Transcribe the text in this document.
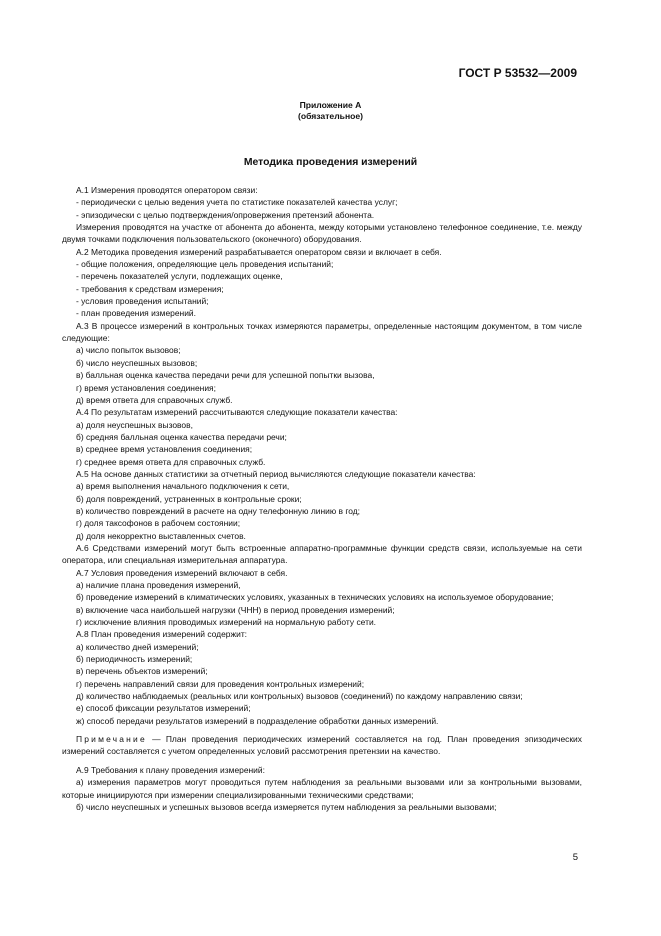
ГОСТ Р 53532—2009
Приложение А
(обязательное)
Методика проведения измерений

А.1 Измерения проводятся оператором связи:

- периодически с целью ведения учета по статистике показателей качества услуг;

- эпизодически с целью подтверждения/опровержения претензий абонента.

Измерения проводятся на участке от абонента до абонента, между которыми установлено телефонное соединение, т.е. между двумя точками подключения пользовательского (оконечного) оборудования.

А.2 Методика проведения измерений разрабатывается оператором связи и включает в себя.

- общие положения, определяющие цель проведения испытаний;

- перечень показателей услуги, подлежащих оценке,

- требования к средствам измерения;

- условия проведения испытаний;

- план проведения измерений.

А.3 В процессе измерений в контрольных точках измеряются параметры, определенные настоящим документом, в том числе следующие:

а) число попыток вызовов;

б) число неуспешных вызовов;

в) балльная оценка качества передачи речи для успешной попытки вызова,

г) время установления соединения;

д) время ответа для справочных служб.

А.4 По результатам измерений рассчитываются следующие показатели качества:

а) доля неуспешных вызовов,

б) средняя балльная оценка качества передачи речи;

в) среднее время установления соединения;

г) среднее время ответа для справочных служб.

А.5 На основе данных статистики за отчетный период вычисляются следующие показатели качества:

а) время выполнения начального подключения к сети,

б) доля повреждений, устраненных в контрольные сроки;

в) количество повреждений в расчете на одну телефонную линию в год;

г) доля таксофонов в рабочем состоянии;

д) доля некорректно выставленных счетов.

А.6 Средствами измерений могут быть встроенные аппаратно-программные функции средств связи, используемые на сети оператора, или специальная измерительная аппаратура.

А.7 Условия проведения измерений включают в себя.

а) наличие плана проведения измерений,

б) проведение измерений в климатических условиях, указанных в технических условиях на используемое оборудование;

в) включение часа наибольшей нагрузки (ЧНН) в период проведения измерений;

г) исключение влияния проводимых измерений на нормальную работу сети.

А.8 План проведения измерений содержит:

а) количество дней измерений;

б) периодичность измерений;

в) перечень объектов измерений;

г) перечень направлений связи для проведения контрольных измерений;

д) количество наблюдаемых (реальных или контрольных) вызовов (соединений) по каждому направлению связи;

е) способ фиксации результатов измерений;

ж) способ передачи результатов измерений в подразделение обработки данных измерений.

Примечание — План проведения периодических измерений составляется на год. План проведения эпизодических измерений составляется с учетом определенных условий рассмотрения претензии на качество.

А.9 Требования к плану проведения измерений:

а) измерения параметров могут проводиться путем наблюдения за реальными вызовами или за контрольными вызовами, которые инициируются при измерении специализированными техническими средствами;

б) число неуспешных и успешных вызовов всегда измеряется путем наблюдения за реальными вызовами;

5
